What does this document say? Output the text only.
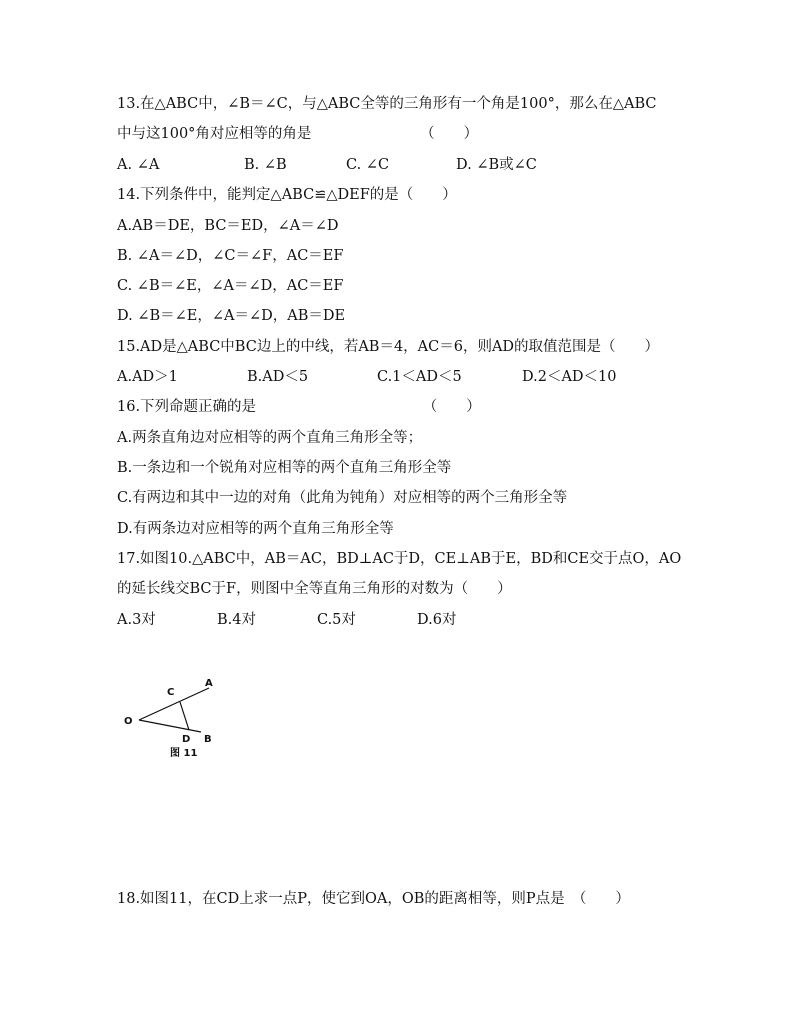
13.在△ABC中，∠B＝∠C，与△ABC全等的三角形有一个角是100°，那么在△ABC
中与这100°角对应相等的角是　　　　　　　　（　　）
A. ∠A	B. ∠B	C. ∠C	D. ∠B或∠C
14.下列条件中，能判定△ABC≌△DEF的是（　　）
A.AB＝DE，BC＝ED，∠A＝∠D
B. ∠A＝∠D，∠C＝∠F，AC＝EF
C. ∠B＝∠E，∠A＝∠D，AC＝EF
D. ∠B＝∠E，∠A＝∠D，AB＝DE
15.AD是△ABC中BC边上的中线，若AB＝4，AC＝6，则AD的取值范围是（　　）
A.AD＞1	B.AD＜5	C.1＜AD＜5	D.2＜AD＜10
16.下列命题正确的是　　　　　　　　　　　　（　　）
A.两条直角边对应相等的两个直角三角形全等；
B.一条边和一个锐角对应相等的两个直角三角形全等
C.有两边和其中一边的对角（此角为钝角）对应相等的两个三角形全等
D.有两条边对应相等的两个直角三角形全等
17.如图10.△ABC中，AB＝AC，BD⊥AC于D，CE⊥AB于E，BD和CE交于点O，AO
的延长线交BC于F，则图中全等直角三角形的对数为（　　）
A.3对	B.4对	C.5对	D.6对
O
A
C
D B
图 11
18.如图11，在CD上求一点P，使它到OA，OB的距离相等，则P点是　（　　）
